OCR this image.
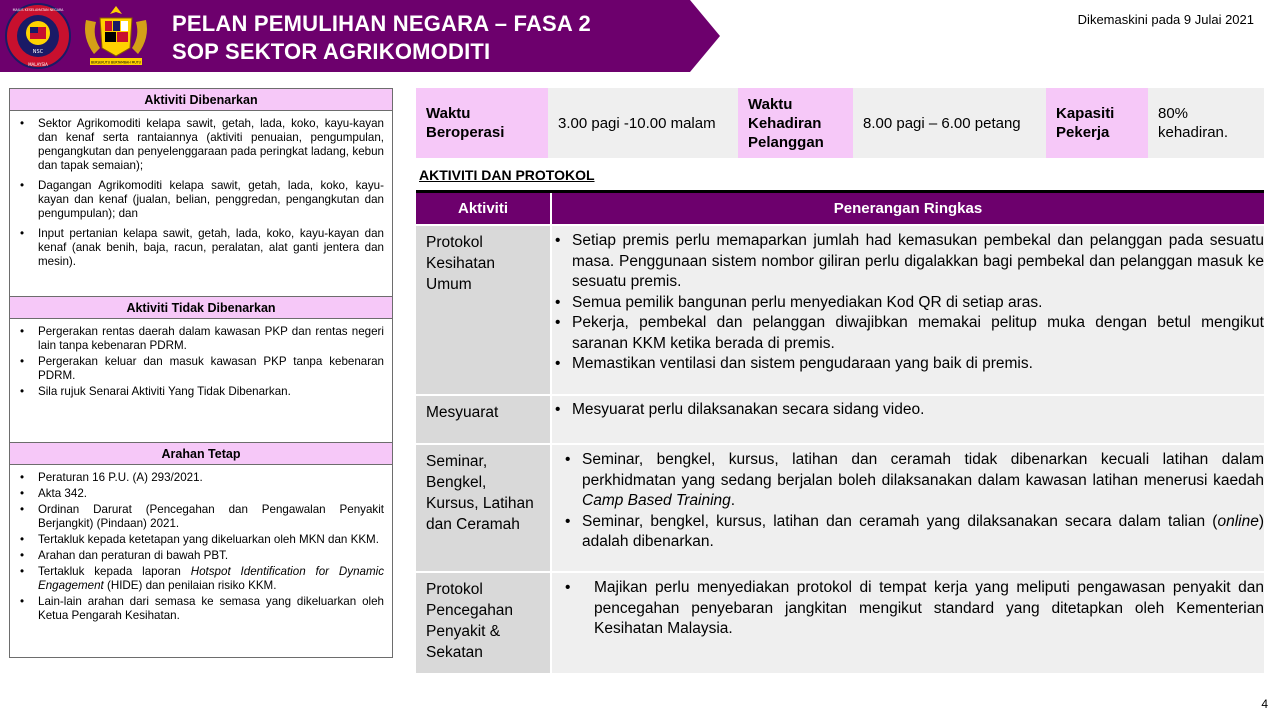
NSC
MALAYSIA
MAJLIS KESELAMATAN NEGARA
BERSEKUTU BERTAMBAH MUTU
PELAN PEMULIHAN NEGARA – FASA 2
SOP SEKTOR AGRIKOMODITI
Dikemaskini pada 9 Julai 2021
Aktiviti Dibenarkan
• Sektor Agrikomoditi kelapa sawit, getah, lada, koko, kayu-kayan dan kenaf serta rantaiannya (aktiviti penuaian, pengumpulan, pengangkutan dan penyelenggaraan pada peringkat ladang, kebun dan tapak semaian);
• Dagangan Agrikomoditi kelapa sawit, getah, lada, koko, kayu-kayan dan kenaf (jualan, belian, penggredan, pengangkutan dan pengumpulan); dan
• Input pertanian kelapa sawit, getah, lada, koko, kayu-kayan dan kenaf (anak benih, baja, racun, peralatan, alat ganti jentera dan mesin).
Aktiviti Tidak Dibenarkan
• Pergerakan rentas daerah dalam kawasan PKP dan rentas negeri lain tanpa kebenaran PDRM.
• Pergerakan keluar dan masuk kawasan PKP tanpa kebenaran PDRM.
• Sila rujuk Senarai Aktiviti Yang Tidak Dibenarkan.
Arahan Tetap
• Peraturan 16 P.U. (A) 293/2021.
• Akta 342.
• Ordinan Darurat (Pencegahan dan Pengawalan Penyakit Berjangkit) (Pindaan) 2021.
• Tertakluk kepada ketetapan yang dikeluarkan oleh MKN dan KKM.
• Arahan dan peraturan di bawah PBT.
• Tertakluk kepada laporan Hotspot Identification for Dynamic Engagement (HIDE) dan penilaian risiko KKM.
• Lain-lain arahan dari semasa ke semasa yang dikeluarkan oleh Ketua Pengarah Kesihatan.
Waktu Beroperasi
3.00 pagi -10.00 malam
Waktu Kehadiran Pelanggan
8.00 pagi – 6.00 petang
Kapasiti Pekerja
80% kehadiran.
AKTIVITI DAN PROTOKOL
Aktiviti	Penerangan Ringkas
Protokol Kesihatan Umum
• Setiap premis perlu memaparkan jumlah had kemasukan pembekal dan pelanggan pada sesuatu masa. Penggunaan sistem nombor giliran perlu digalakkan bagi pembekal dan pelanggan masuk ke sesuatu premis.
• Semua pemilik bangunan perlu menyediakan Kod QR di setiap aras.
• Pekerja, pembekal dan pelanggan diwajibkan memakai pelitup muka dengan betul mengikut saranan KKM ketika berada di premis.
• Memastikan ventilasi dan sistem pengudaraan yang baik di premis.
Mesyuarat
•	Mesyuarat perlu dilaksanakan secara sidang video.
Seminar, Bengkel, Kursus, Latihan dan Ceramah
• Seminar, bengkel, kursus, latihan dan ceramah tidak dibenarkan kecuali latihan dalam perkhidmatan yang sedang berjalan boleh dilaksanakan dalam kawasan latihan menerusi kaedah Camp Based Training.
• Seminar, bengkel, kursus, latihan dan ceramah yang dilaksanakan secara dalam talian (online) adalah dibenarkan.
Protokol Pencegahan Penyakit & Sekatan
• Majikan perlu menyediakan protokol di tempat kerja yang meliputi pengawasan penyakit dan pencegahan penyebaran jangkitan mengikut standard yang ditetapkan oleh Kementerian Kesihatan Malaysia.
4
